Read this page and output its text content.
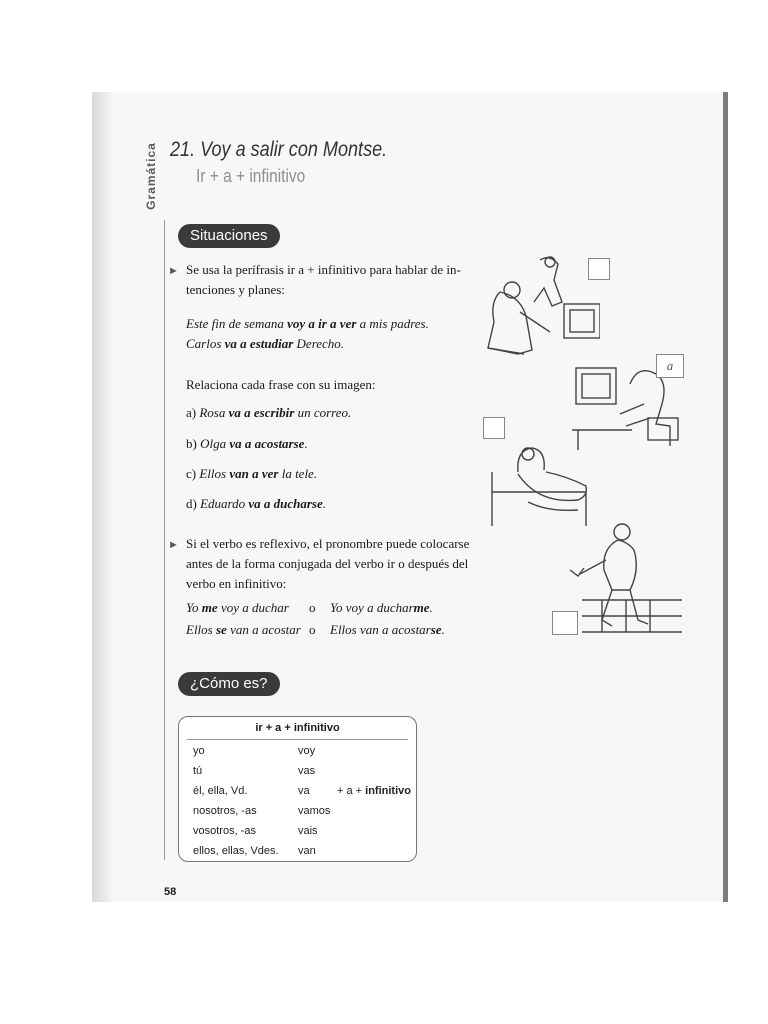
Gramática 21. Voy a salir con Montse.
Ir + a + infinitivo
Situaciones
► Se usa la perífrasis ir a + infinitivo para hablar de in-
tenciones y planes:
Este fin de semana voy a ir a ver a mis padres.
Carlos va a estudiar Derecho.
Relaciona cada frase con su imagen:
a) Rosa va a escribir un correo.
b) Olga va a acostarse.
c) Ellos van a ver la tele.
d) Eduardo va a ducharse.
► Si el verbo es reflexivo, el pronombre puede colocarse
antes de la forma conjugada del verbo ir o después del
verbo en infinitivo:
Yo me voy a duchar o Yo voy a ducharme.
Ellos se van a acostar o Ellos van a acostarse.
a
¿Cómo es?
ir + a + infinitivo
yo	voy
tú	vas
él, ella, Vd.	va + a + infinitivo
nosotros, -as	vamos
vosotros, -as	vais
ellos, ellas, Vdes. van
58
